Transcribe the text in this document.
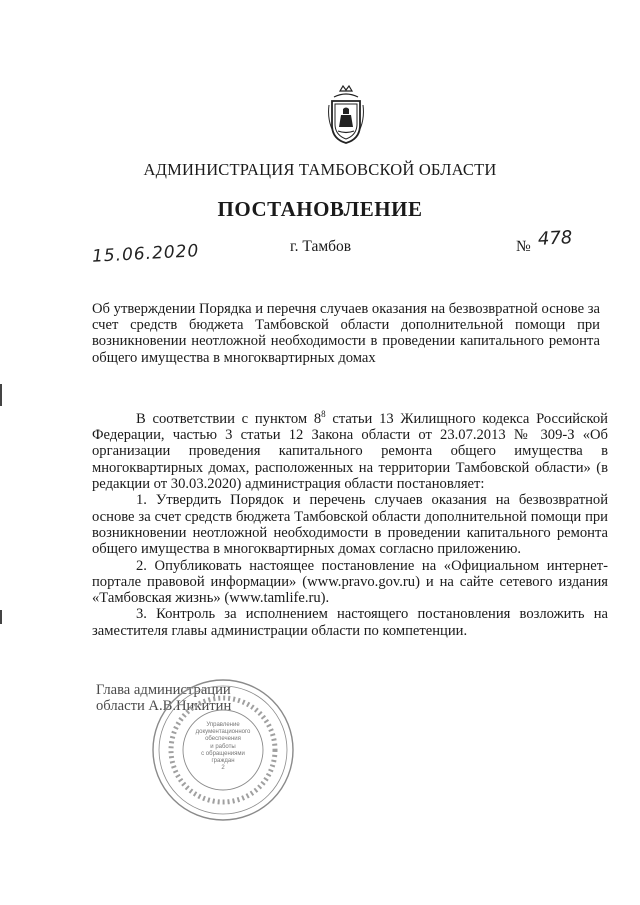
АДМИНИСТРАЦИЯ ТАМБОВСКОЙ ОБЛАСТИ
ПОСТАНОВЛЕНИЕ
15.06.2020	г. Тамбов	№ 478
Об утверждении Порядка и перечня случаев оказания на безвозвратной основе за счет средств бюджета Тамбовской области дополнительной помощи при возникновении неотложной необходимости в проведении капитального ремонта общего имущества в многоквартирных домах

В соответствии с пунктом $8^8$ статьи 13 Жилищного кодекса Российской Федерации, частью 3 статьи 12 Закона области от 23.07.2013 № 309-З «Об организации проведения капитального ремонта общего имущества в многоквартирных домах, расположенных на территории Тамбовской области» (в редакции от 30.03.2020) администрация области постановляет:

1. Утвердить Порядок и перечень случаев оказания на безвозвратной основе за счет средств бюджета Тамбовской области дополнительной помощи при возникновении неотложной необходимости в проведении капитального ремонта общего имущества в многоквартирных домах согласно приложению.

2. Опубликовать настоящее постановление на «Официальном интернет-портале правовой информации» (www.pravo.gov.ru) и на сайте сетевого издания «Тамбовская жизнь» (www.tamlife.ru).

3. Контроль за исполнением настоящего постановления возложить на заместителя главы администрации области по компетенции.

Глава администрации
области А.В.Никитин
Управление
документационного
обеспечения
и работы
с обращениями
граждан
2
